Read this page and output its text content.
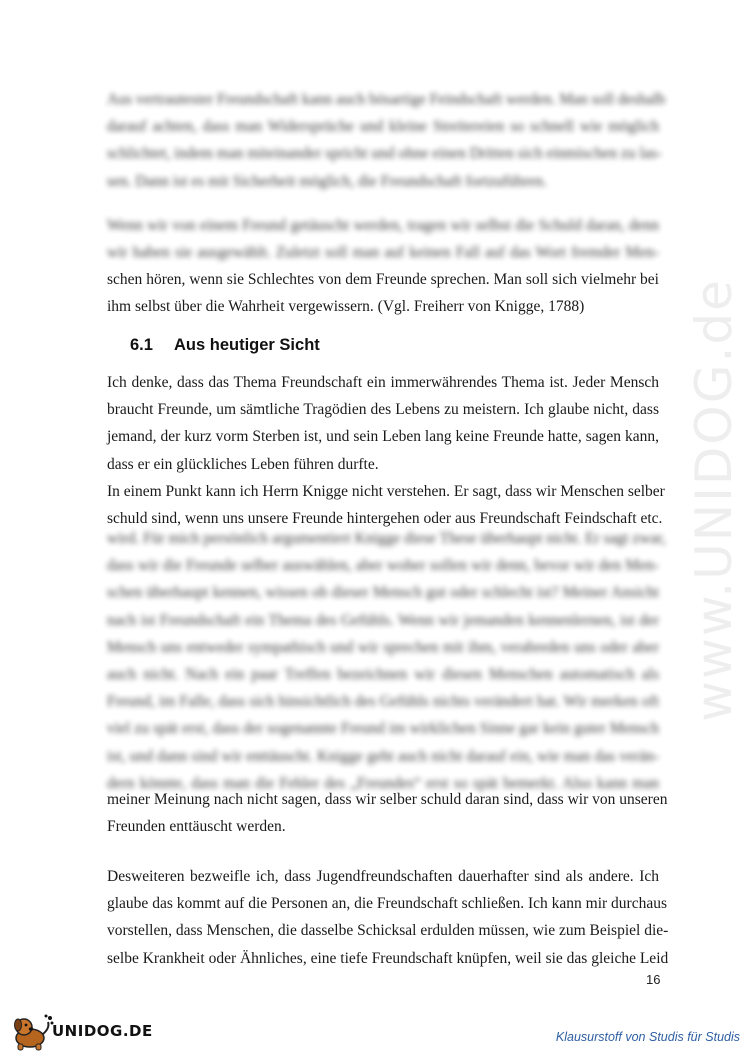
www.UNIDOG.de
Aus vertrautester Freundschaft kann auch bösartige Feindschaft werden. Man soll deshalb
darauf achten, dass man Widersprüche und kleine Streitereien so schnell wie möglich
schlichtet, indem man miteinander spricht und ohne einen Dritten sich einmischen zu las-
sen. Dann ist es mit Sicherheit möglich, die Freundschaft fortzuführen.
Wenn wir von einem Freund getäuscht werden, tragen wir selbst die Schuld daran, denn
wir haben sie ausgewählt. Zuletzt soll man auf keinen Fall auf das Wort fremder Men-
schen hören, wenn sie Schlechtes von dem Freunde sprechen. Man soll sich vielmehr bei
ihm selbst über die Wahrheit vergewissern. (Vgl. Freiherr von Knigge, 1788)
6.1 Aus heutiger Sicht
Ich denke, dass das Thema Freundschaft ein immerwährendes Thema ist. Jeder Mensch
braucht Freunde, um sämtliche Tragödien des Lebens zu meistern. Ich glaube nicht, dass
jemand, der kurz vorm Sterben ist, und sein Leben lang keine Freunde hatte, sagen kann,
dass er ein glückliches Leben führen durfte.
In einem Punkt kann ich Herrn Knigge nicht verstehen. Er sagt, dass wir Menschen selber
schuld sind, wenn uns unsere Freunde hintergehen oder aus Freundschaft Feindschaft etc.
wird. Für mich persönlich argumentiert Knigge diese These überhaupt nicht. Er sagt zwar,
dass wir die Freunde selber auswählen, aber woher sollen wir denn, bevor wir den Men-
schen überhaupt kennen, wissen ob dieser Mensch gut oder schlecht ist? Meiner Ansicht
nach ist Freundschaft ein Thema des Gefühls. Wenn wir jemanden kennenlernen, ist der
Mensch uns entweder sympathisch und wir sprechen mit ihm, verabreden uns oder aber
auch nicht. Nach ein paar Treffen bezeichnen wir diesen Menschen automatisch als
Freund, im Falle, dass sich hinsichtlich des Gefühls nichts verändert hat. Wir merken oft
viel zu spät erst, dass der sogenannte Freund im wirklichen Sinne gar kein guter Mensch
ist, und dann sind wir enttäuscht. Knigge geht auch nicht darauf ein, wie man das verän-
dern könnte, dass man die Fehler des „Freundes“ erst so spät bemerkt. Also kann man
meiner Meinung nach nicht sagen, dass wir selber schuld daran sind, dass wir von unseren
Freunden enttäuscht werden.
Desweiteren bezweifle ich, dass Jugendfreundschaften dauerhafter sind als andere. Ich
glaube das kommt auf die Personen an, die Freundschaft schließen. Ich kann mir durchaus
vorstellen, dass Menschen, die dasselbe Schicksal erdulden müssen, wie zum Beispiel die-
selbe Krankheit oder Ähnliches, eine tiefe Freundschaft knüpfen, weil sie das gleiche Leid
16
UNIDOG.DE	Klausurstoff von Studis für Studis
